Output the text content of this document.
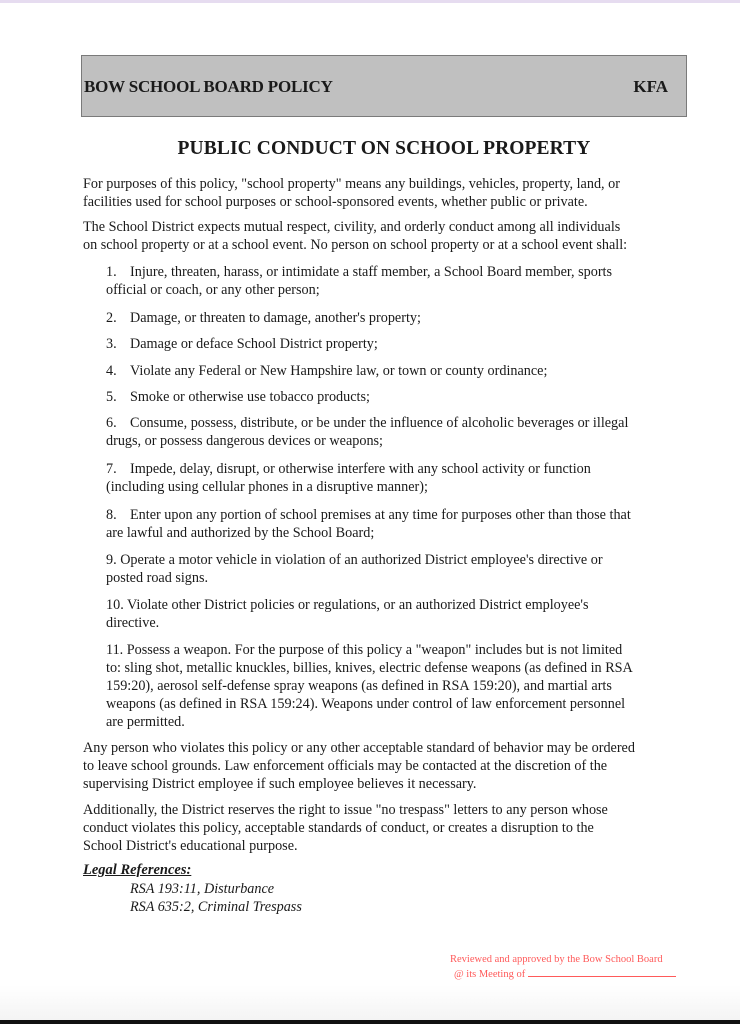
BOW SCHOOL BOARD POLICY	KFA
PUBLIC CONDUCT ON SCHOOL PROPERTY
For purposes of this policy, "school property" means any buildings, vehicles, property, land, or
facilities used for school purposes or school-sponsored events, whether public or private.
The School District expects mutual respect, civility, and orderly conduct among all individuals
on school property or at a school event. No person on school property or at a school event shall:
1. Injure, threaten, harass, or intimidate a staff member, a School Board member, sports
official or coach, or any other person;
2. Damage, or threaten to damage, another's property;
3. Damage or deface School District property;
4. Violate any Federal or New Hampshire law, or town or county ordinance;
5. Smoke or otherwise use tobacco products;
6. Consume, possess, distribute, or be under the influence of alcoholic beverages or illegal
drugs, or possess dangerous devices or weapons;
7. Impede, delay, disrupt, or otherwise interfere with any school activity or function
(including using cellular phones in a disruptive manner);
8. Enter upon any portion of school premises at any time for purposes other than those that
are lawful and authorized by the School Board;
9. Operate a motor vehicle in violation of an authorized District employee's directive or
posted road signs.
10. Violate other District policies or regulations, or an authorized District employee's
directive.
11. Possess a weapon. For the purpose of this policy a "weapon" includes but is not limited
to: sling shot, metallic knuckles, billies, knives, electric defense weapons (as defined in RSA
159:20), aerosol self-defense spray weapons (as defined in RSA 159:20), and martial arts
weapons (as defined in RSA 159:24). Weapons under control of law enforcement personnel
are permitted.
Any person who violates this policy or any other acceptable standard of behavior may be ordered
to leave school grounds. Law enforcement officials may be contacted at the discretion of the
supervising District employee if such employee believes it necessary.
Additionally, the District reserves the right to issue "no trespass" letters to any person whose
conduct violates this policy, acceptable standards of conduct, or creates a disruption to the
School District's educational purpose.
Legal References:
RSA 193:11, Disturbance
RSA 635:2, Criminal Trespass
Reviewed and approved by the Bow School Board
@ its Meeting of
